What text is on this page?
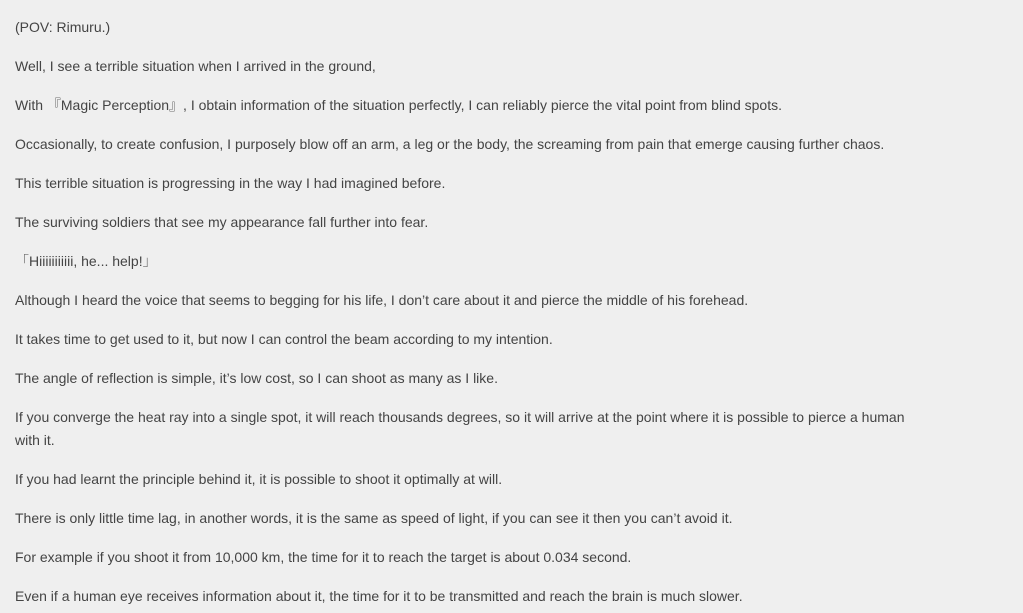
(POV: Rimuru.)

Well, I see a terrible situation when I arrived in the ground,

With 『Magic Perception』, I obtain information of the situation perfectly, I can reliably pierce the vital point from blind spots.

Occasionally, to create confusion, I purposely blow off an arm, a leg or the body, the screaming from pain that emerge causing further chaos.

This terrible situation is progressing in the way I had imagined before.

The surviving soldiers that see my appearance fall further into fear.

「Hiiiiiiiiiii, he... help!」

Although I heard the voice that seems to begging for his life, I don’t care about it and pierce the middle of his forehead.

It takes time to get used to it, but now I can control the beam according to my intention.

The angle of reflection is simple, it’s low cost, so I can shoot as many as I like.

If you converge the heat ray into a single spot, it will reach thousands degrees, so it will arrive at the point where it is possible to pierce a human with it.

If you had learnt the principle behind it, it is possible to shoot it optimally at will.

There is only little time lag, in another words, it is the same as speed of light, if you can see it then you can’t avoid it.

For example if you shoot it from 10,000 km, the time for it to reach the target is about 0.034 second.

Even if a human eye receives information about it, the time for it to be transmitted and reach the brain is much slower.
